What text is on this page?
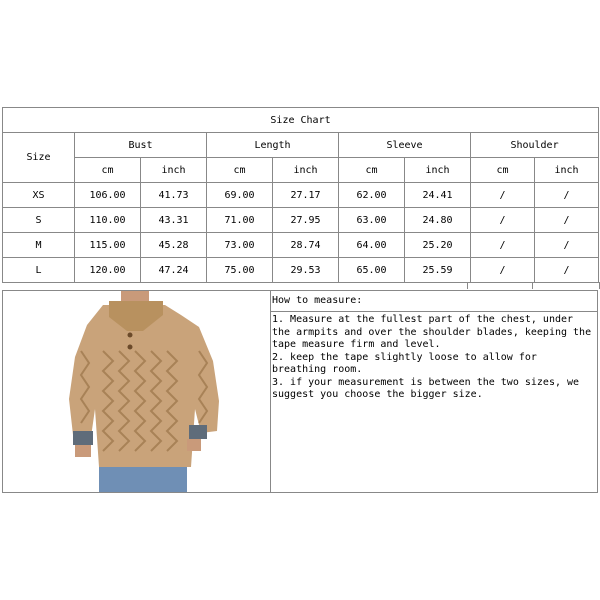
Size Chart								
Size	Bust		Length		Sleeve		Shoulder	
	cm	inch	cm	inch	cm	inch	cm	inch
XS	106.00	41.73	69.00	27.17	62.00	24.41	/	/
S	110.00	43.31	71.00	27.95	63.00	24.80	/	/
M	115.00	45.28	73.00	28.74	64.00	25.20	/	/
L	120.00	47.24	75.00	29.53	65.00	25.59	/	/
How to measure:

1. Measure at the fullest part of the chest, under the armpits and over the shoulder blades, keeping the tape measure firm and level.

2. keep the tape slightly loose to allow for breathing room.

3. if your measurement is between the two sizes, we suggest you choose the bigger size.
